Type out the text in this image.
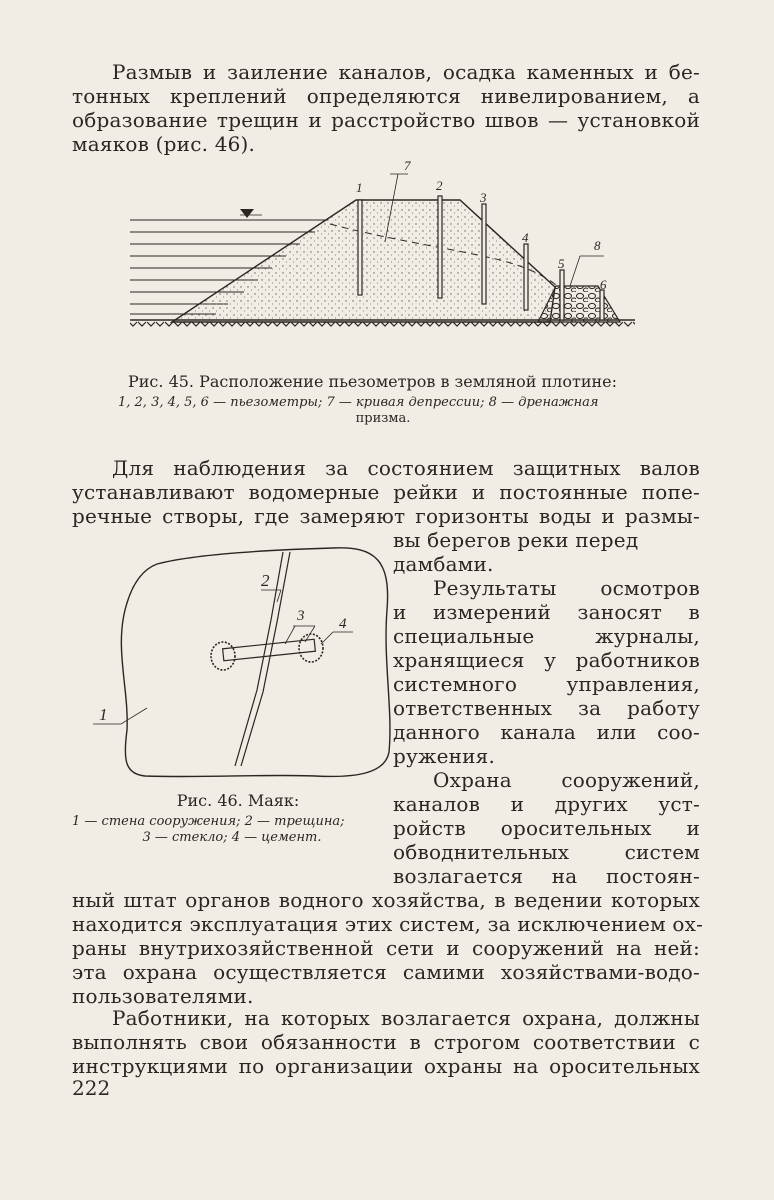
Размыв и заиление каналов, осадка каменных и бе-
тонных креплений определяются нивелированием, а
образование трещин и расстройство швов — установкой
маяков (рис. 46).
1	2
3
4
5
6
7
8
Рис. 45. Расположение пьезометров в земляной плотине:
1, 2, 3, 4, 5, 6 — пьезометры; 7 — кривая депрессии; 8 — дренажная
призма.
Для наблюдения за состоянием защитных валов
устанавливают водомерные рейки и постоянные попе-
речные створы, где замеряют горизонты воды и размы-
2
3 4
1
Рис. 46. Маяк:
1 — стена сооружения; 2 — трещина;
3 — стекло; 4 — цемент.
вы берегов реки перед
дамбами.
Результаты осмотров
и измерений заносят в
специальные журналы,
хранящиеся у работников
системного управления,
ответственных за работу
данного канала или соо-
ружения.
Охрана сооружений,
каналов и других уст-
ройств оросительных и
обводнительных систем
возлагается на постоян-
ный штат органов водного хозяйства, в ведении которых
находится эксплуатация этих систем, за исключением ох-
раны внутрихозяйственной сети и сооружений на ней:
эта охрана осуществляется самими хозяйствами-водо-
пользователями.
Работники, на которых возлагается охрана, должны
выполнять свои обязанности в строгом соответствии с
инструкциями по организации охраны на оросительных
222
